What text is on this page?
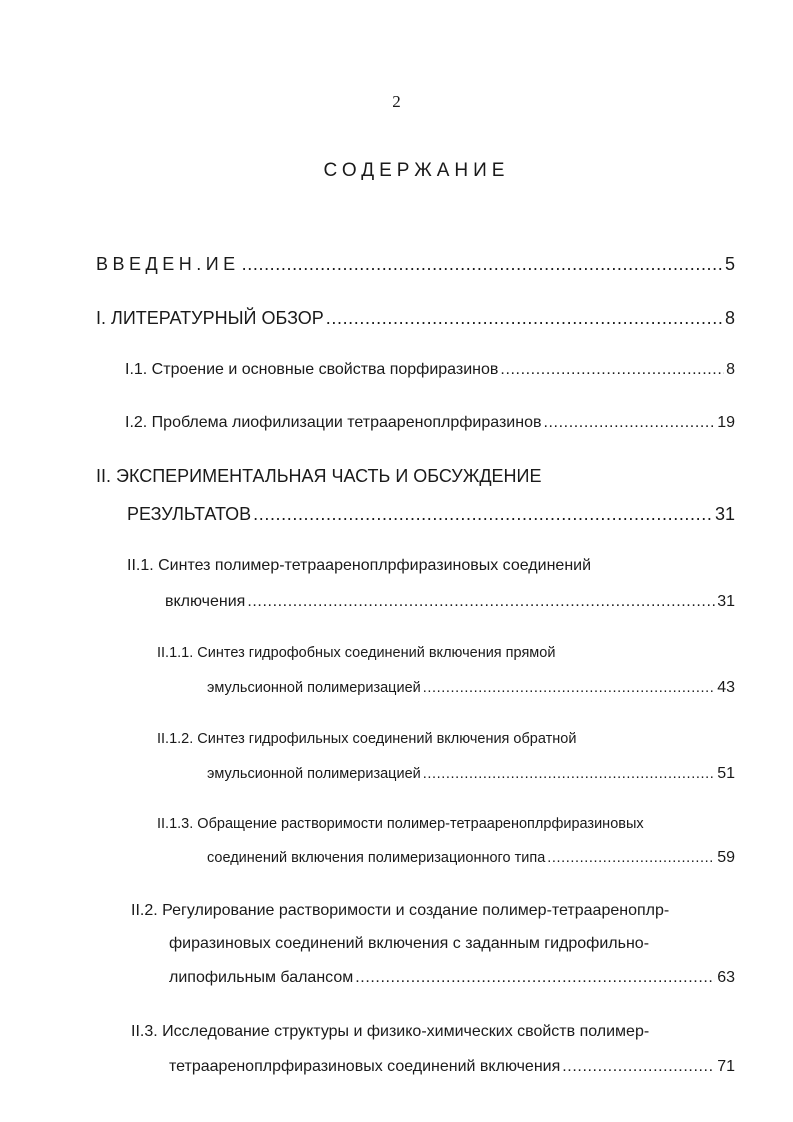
2
СОДЕРЖАНИЕ
ВВЕДЕН.ИЕ .....	5
I. ЛИТЕРАТУРНЫЙ ОБЗОР .....	8
I.1. Строение и основные свойства порфиразинов .....	8
I.2. Проблема лиофилизации тетраареноплрфиразинов .....	19
II. ЭКСПЕРИМЕНТАЛЬНАЯ ЧАСТЬ И ОБСУЖДЕНИЕ
РЕЗУЛЬТАТОВ .....	31
II.1. Синтез полимер-тетраареноплрфиразиновых соединений
включения .....	31
II.1.1. Синтез гидрофобных соединений включения прямой
эмульсионной полимеризацией .....	43
II.1.2. Синтез гидрофильных соединений включения обратной
эмульсионной полимеризацией .....	51
II.1.3. Обращение растворимости полимер-тетраареноплрфиразиновых
соединений включения полимеризационного типа .....	59
II.2. Регулирование растворимости и создание полимер-тетраареноплр-
фиразиновых соединений включения с заданным гидрофильно-
липофильным балансом .....	63
II.3. Исследование структуры и физико-химических свойств полимер-
тетраареноплрфиразиновых соединений включения .....	71
